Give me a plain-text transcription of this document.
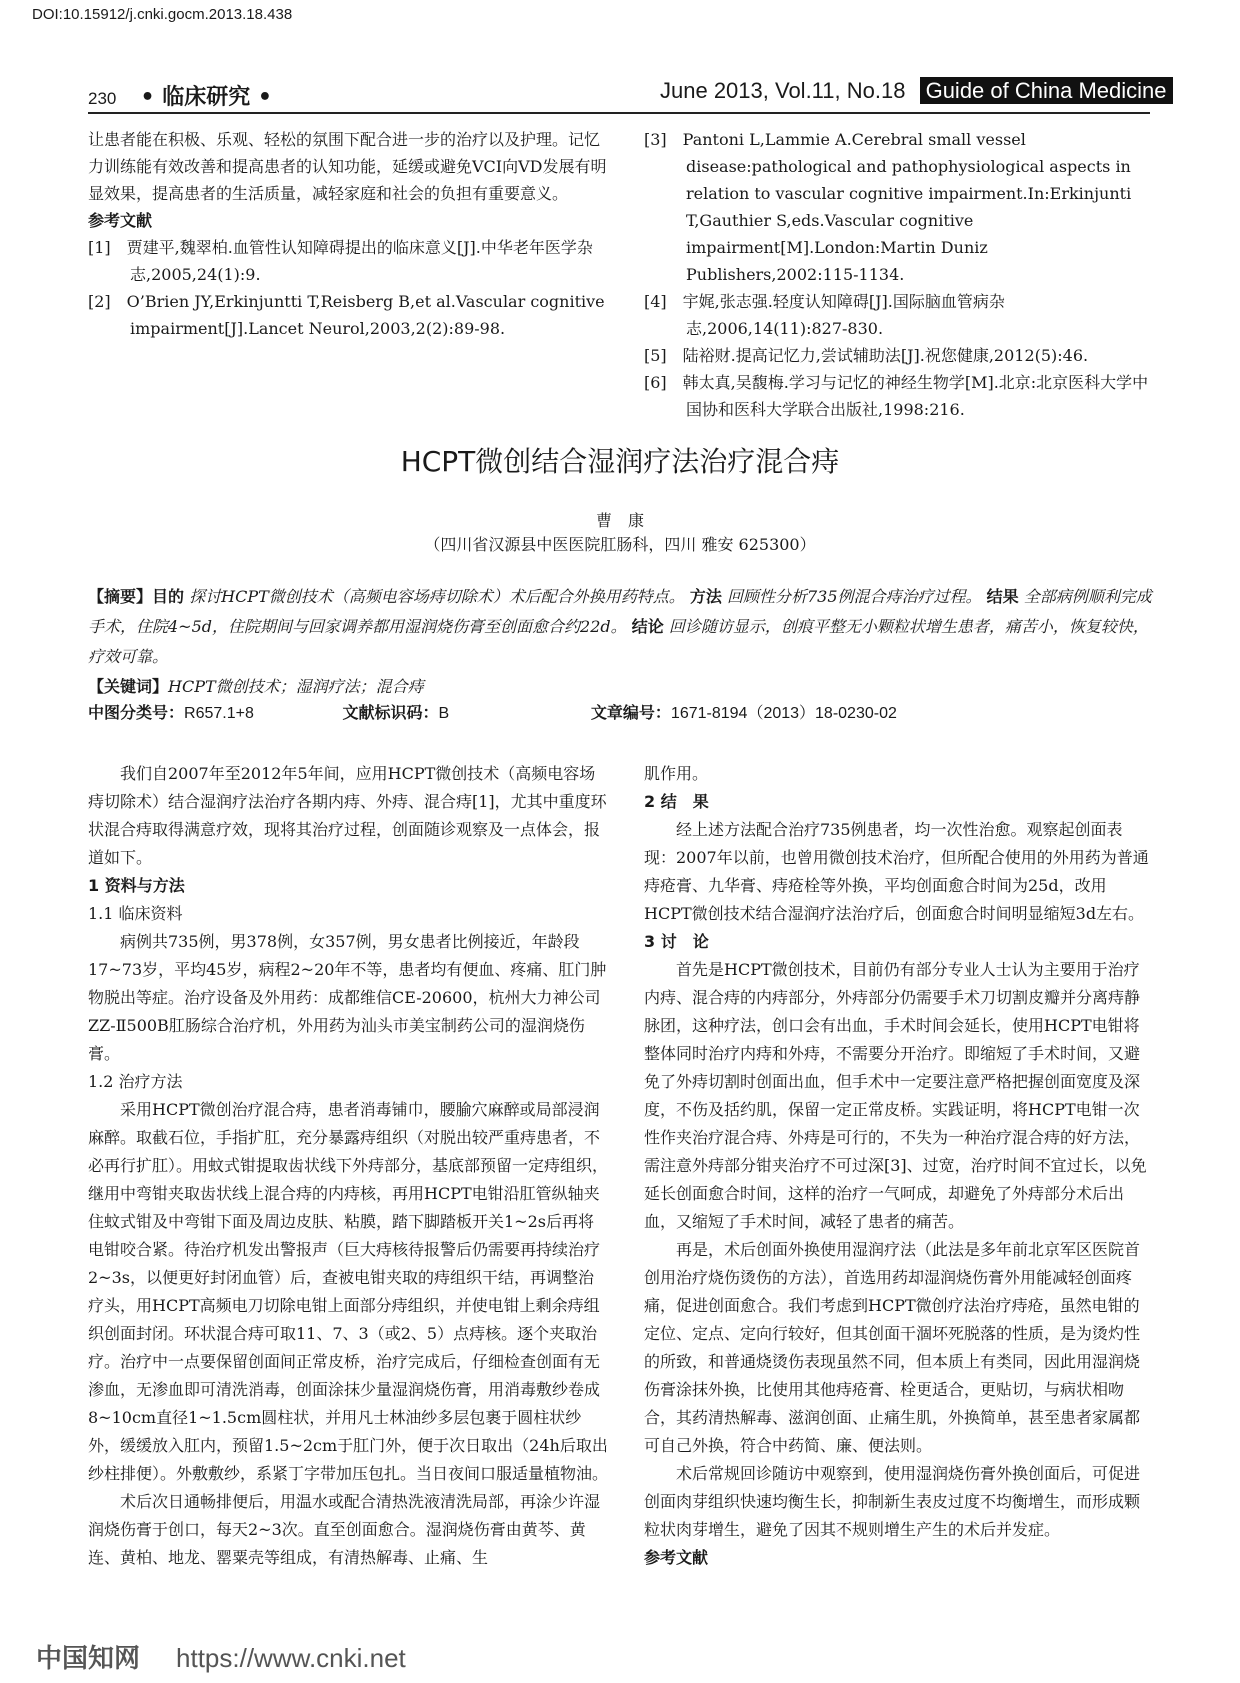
DOI:10.15912/j.cnki.gocm.2013.18.438
230 • 临床研究 •	June 2013, Vol.11, No.18 Guide of China Medicine

让患者能在积极、乐观、轻松的氛围下配合进一步的治疗以及护理。记忆力训练能有效改善和提高患者的认知功能，延缓或避免VCI向VD发展有明显效果，提高患者的生活质量，减轻家庭和社会的负担有重要意义。

参考文献

[1]　贾建平,魏翠柏.血管性认知障碍提出的临床意义[J].中华老年医学杂志,2005,24(1):9.

[2]　O’Brien JY,Erkinjuntti T,Reisberg B,et al.Vascular cognitive impairment[J].Lancet Neurol,2003,2(2):89-98.

[3]　Pantoni L,Lammie A.Cerebral small vessel disease:pathological and pathophysiological aspects in relation to vascular cognitive impairment.In:Erkinjunti T,Gauthier S,eds.Vascular cognitive impairment[M].London:Martin Duniz Publishers,2002:115-1134.

[4]　宇娓,张志强.轻度认知障碍[J].国际脑血管病杂志,2006,14(11):827-830.

[5]　陆裕财.提高记忆力,尝试辅助法[J].祝您健康,2012(5):46.

[6]　韩太真,吴馥梅.学习与记忆的神经生物学[M].北京:北京医科大学中国协和医科大学联合出版社,1998:216.

HCPT微创结合湿润疗法治疗混合痔
曹　康
（四川省汉源县中医医院肛肠科，四川 雅安 625300）
【摘要】目的 探讨HCPT微创技术（高频电容场痔切除术）术后配合外换用药特点。 方法 回顾性分析735例混合痔治疗过程。 结果 全部病例顺利完成手术，住院4~5d，住院期间与回家调养都用湿润烧伤膏至创面愈合约22d。 结论 回诊随访显示，创痕平整无小颗粒状增生患者，痛苦小，恢复较快，疗效可靠。
【关键词】HCPT微创技术；湿润疗法；混合痔
中图分类号：R657.1+8	文献标识码：B	文章编号：1671-8194（2013）18-0230-02

我们自2007年至2012年5年间，应用HCPT微创技术（高频电容场痔切除术）结合湿润疗法治疗各期内痔、外痔、混合痔[1]，尤其中重度环状混合痔取得满意疗效，现将其治疗过程，创面随诊观察及一点体会，报道如下。

1 资料与方法

1.1 临床资料

病例共735例，男378例，女357例，男女患者比例接近，年龄段17~73岁，平均45岁，病程2~20年不等，患者均有便血、疼痛、肛门肿物脱出等症。治疗设备及外用药：成都维信CE-20600，杭州大力神公司ZZ-Ⅱ500B肛肠综合治疗机，外用药为汕头市美宝制药公司的湿润烧伤膏。

1.2 治疗方法

采用HCPT微创治疗混合痔，患者消毒铺巾，腰腧穴麻醉或局部浸润麻醉。取截石位，手指扩肛，充分暴露痔组织（对脱出较严重痔患者，不必再行扩肛）。用蚊式钳提取齿状线下外痔部分，基底部预留一定痔组织，继用中弯钳夹取齿状线上混合痔的内痔核，再用HCPT电钳沿肛管纵轴夹住蚊式钳及中弯钳下面及周边皮肤、粘膜，踏下脚踏板开关1~2s后再将电钳咬合紧。待治疗机发出警报声（巨大痔核待报警后仍需要再持续治疗2~3s，以便更好封闭血管）后，查被电钳夹取的痔组织干结，再调整治疗头，用HCPT高频电刀切除电钳上面部分痔组织，并使电钳上剩余痔组织创面封闭。环状混合痔可取11、7、3（或2、5）点痔核。逐个夹取治疗。治疗中一点要保留创面间正常皮桥，治疗完成后，仔细检查创面有无渗血，无渗血即可清洗消毒，创面涂抹少量湿润烧伤膏，用消毒敷纱卷成8~10cm直径1~1.5cm圆柱状，并用凡士林油纱多层包裹于圆柱状纱外，缓缓放入肛内，预留1.5~2cm于肛门外，便于次日取出（24h后取出纱柱排便）。外敷敷纱，系紧丁字带加压包扎。当日夜间口服适量植物油。

术后次日通畅排便后，用温水或配合清热洗液清洗局部，再涂少许湿润烧伤膏于创口，每天2~3次。直至创面愈合。湿润烧伤膏由黄芩、黄连、黄柏、地龙、罂粟壳等组成，有清热解毒、止痛、生

肌作用。

2 结　果

经上述方法配合治疗735例患者，均一次性治愈。观察起创面表现：2007年以前，也曾用微创技术治疗，但所配合使用的外用药为普通痔疮膏、九华膏、痔疮栓等外换，平均创面愈合时间为25d，改用HCPT微创技术结合湿润疗法治疗后，创面愈合时间明显缩短3d左右。

3 讨　论

首先是HCPT微创技术，目前仍有部分专业人士认为主要用于治疗内痔、混合痔的内痔部分，外痔部分仍需要手术刀切割皮瓣并分离痔静脉团，这种疗法，创口会有出血，手术时间会延长，使用HCPT电钳将整体同时治疗内痔和外痔，不需要分开治疗。即缩短了手术时间，又避免了外痔切割时创面出血，但手术中一定要注意严格把握创面宽度及深度，不伤及括约肌，保留一定正常皮桥。实践证明，将HCPT电钳一次性作夹治疗混合痔、外痔是可行的，不失为一种治疗混合痔的好方法，需注意外痔部分钳夹治疗不可过深[3]、过宽，治疗时间不宜过长，以免延长创面愈合时间，这样的治疗一气呵成，却避免了外痔部分术后出血，又缩短了手术时间，减轻了患者的痛苦。

再是，术后创面外换使用湿润疗法（此法是多年前北京军区医院首创用治疗烧伤烫伤的方法），首选用药却湿润烧伤膏外用能减轻创面疼痛，促进创面愈合。我们考虑到HCPT微创疗法治疗痔疮，虽然电钳的定位、定点、定向行较好，但其创面干涸坏死脱落的性质，是为烫灼性的所致，和普通烧烫伤表现虽然不同，但本质上有类同，因此用湿润烧伤膏涂抹外换，比使用其他痔疮膏、栓更适合，更贴切，与病状相吻合，其药清热解毒、滋润创面、止痛生肌，外换简单，甚至患者家属都可自己外换，符合中药简、廉、便法则。

术后常规回诊随访中观察到，使用湿润烧伤膏外换创面后，可促进创面肉芽组织快速均衡生长，抑制新生表皮过度不均衡增生，而形成颗粒状肉芽增生，避免了因其不规则增生产生的术后并发症。

参考文献

中国知网 https://www.cnki.net
